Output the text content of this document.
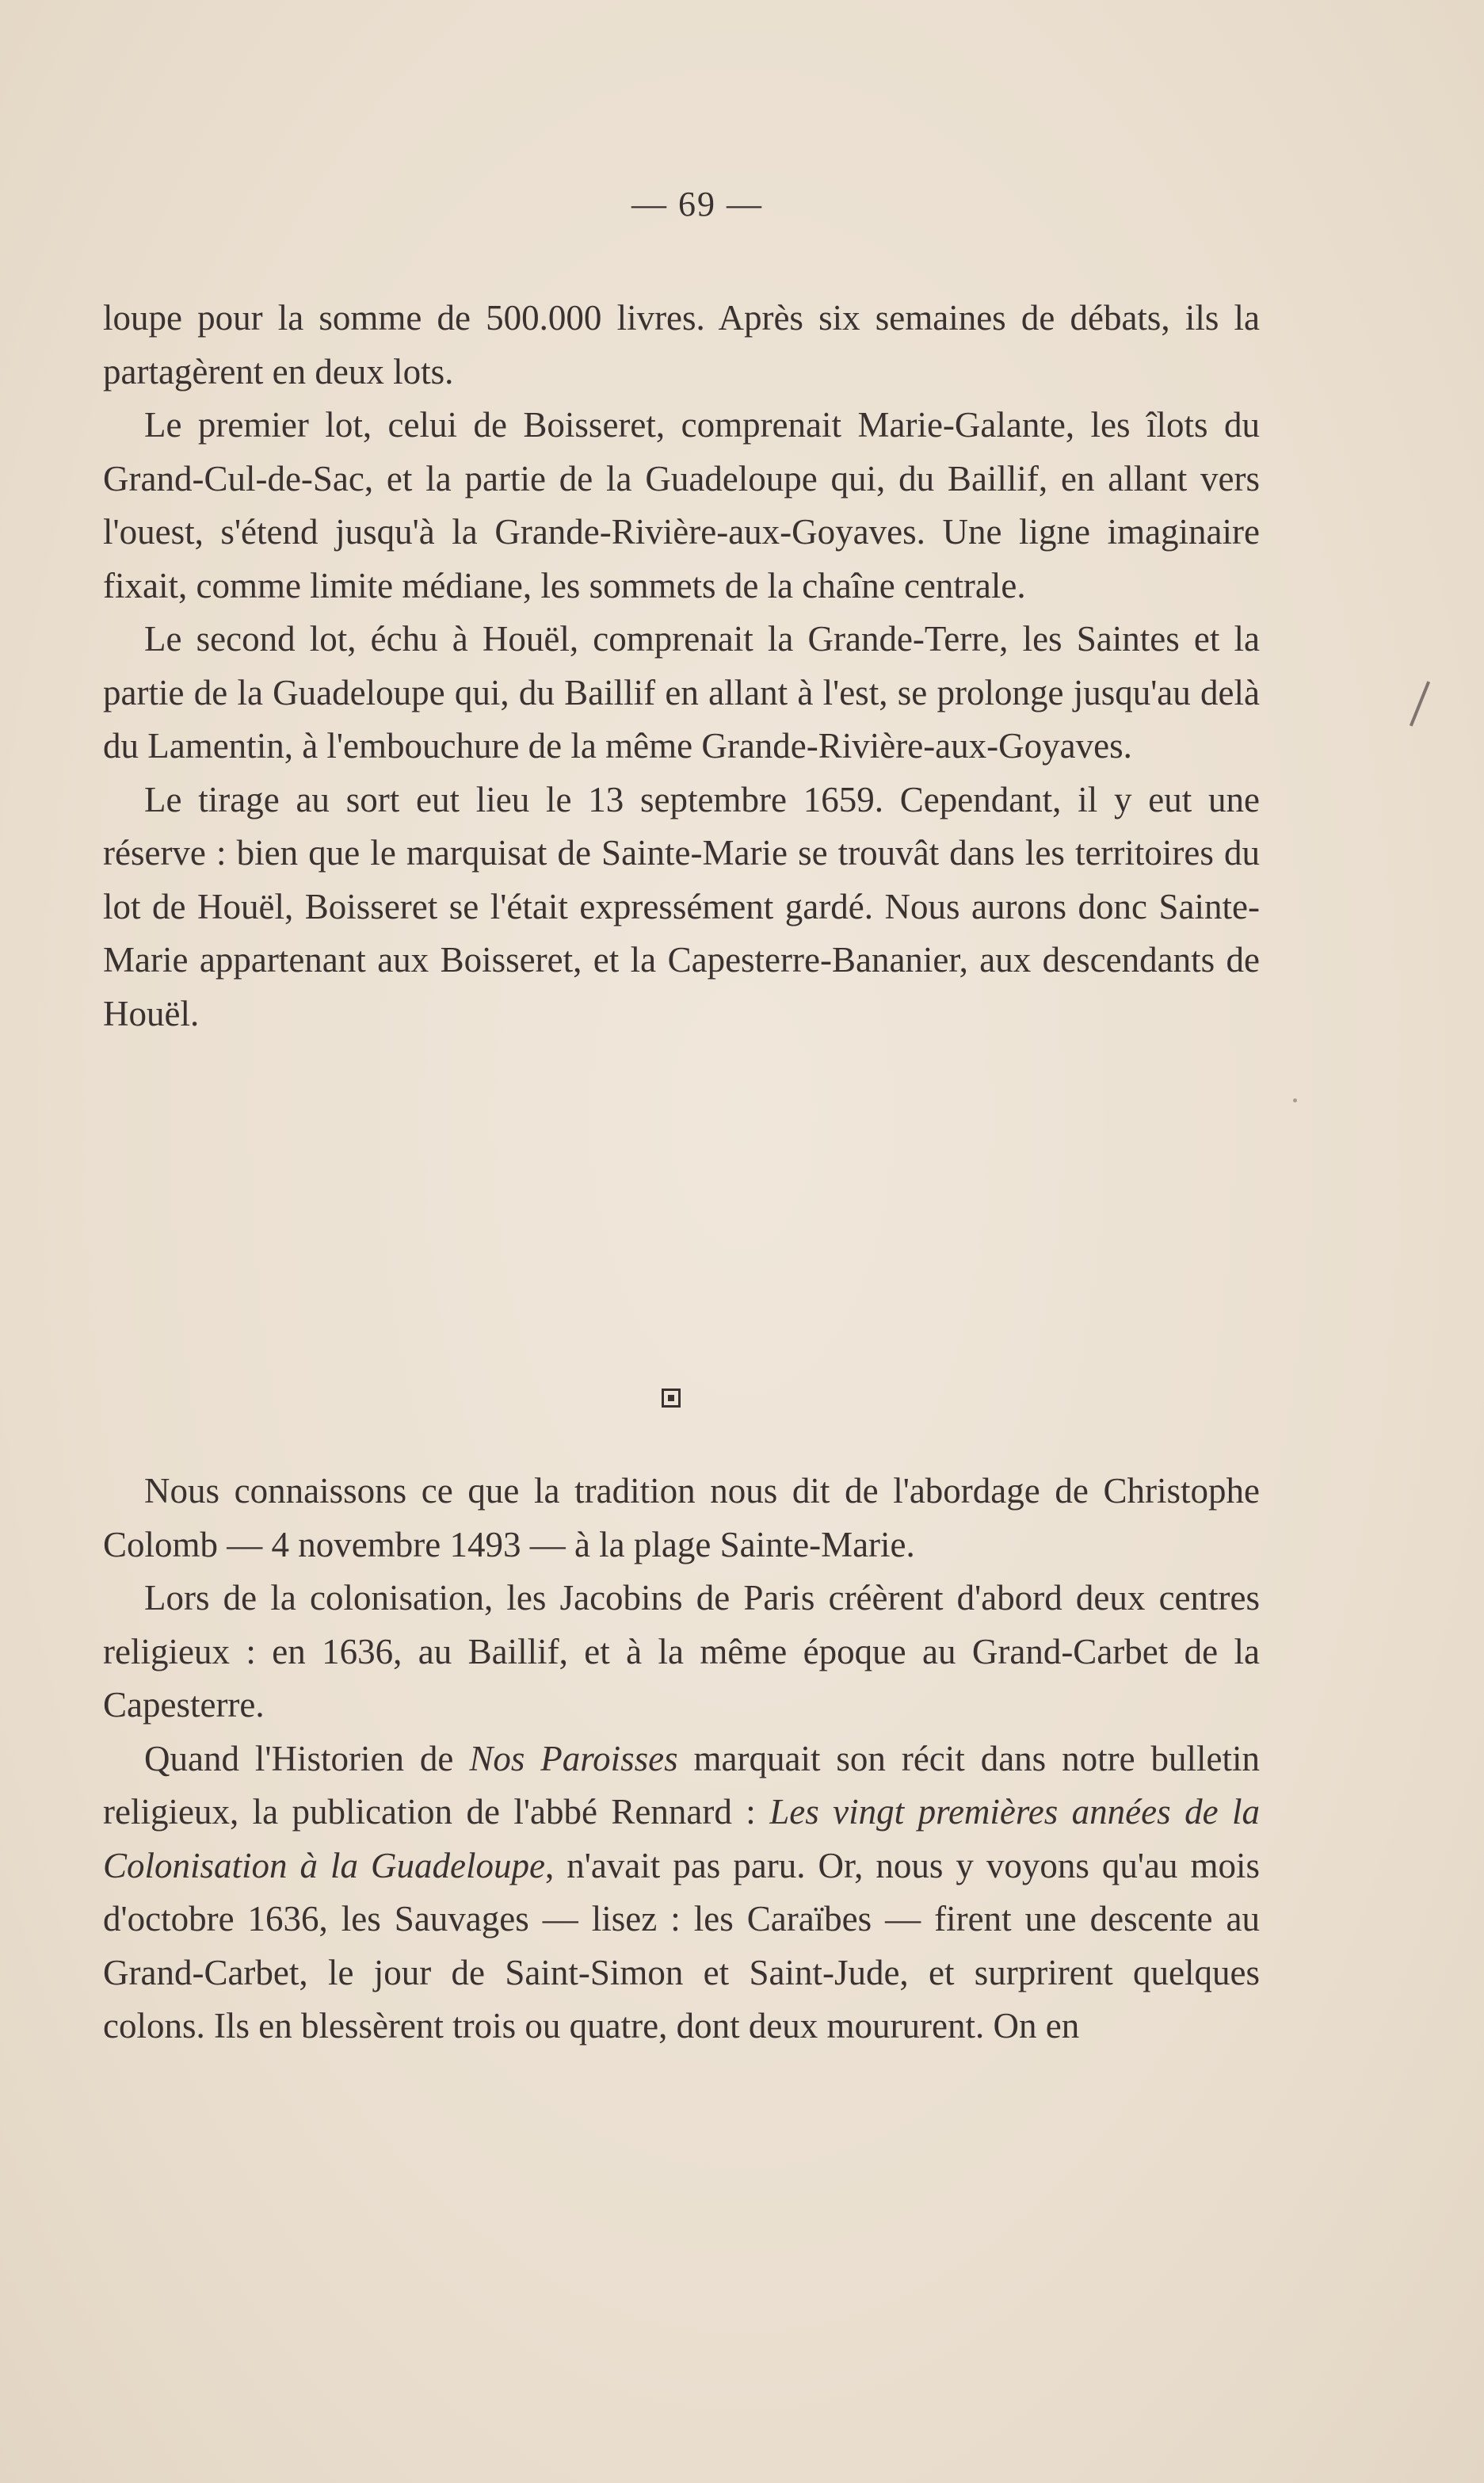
— 69 —

loupe pour la somme de 500.000 livres. Après six semaines de débats, ils la partagèrent en deux lots.

Le premier lot, celui de Boisseret, comprenait Marie-Galante, les îlots du Grand-Cul-de-Sac, et la partie de la Guadeloupe qui, du Baillif, en allant vers l'ouest, s'étend jusqu'à la Grande-Rivière-aux-Goyaves. Une ligne imaginaire fixait, comme limite médiane, les sommets de la chaîne centrale.

Le second lot, échu à Houël, comprenait la Grande-Terre, les Saintes et la partie de la Guadeloupe qui, du Baillif en allant à l'est, se prolonge jusqu'au delà du Lamentin, à l'embouchure de la même Grande-Rivière-aux-Goyaves.

Le tirage au sort eut lieu le 13 septembre 1659. Cependant, il y eut une réserve : bien que le marquisat de Sainte-Marie se trouvât dans les territoires du lot de Houël, Boisseret se l'était expressément gardé. Nous aurons donc Sainte-Marie appartenant aux Boisseret, et la Capesterre-Bananier, aux descendants de Houël.

Nous connaissons ce que la tradition nous dit de l'abordage de Christophe Colomb — 4 novembre 1493 — à la plage Sainte-Marie.

Lors de la colonisation, les Jacobins de Paris créèrent d'abord deux centres religieux : en 1636, au Baillif, et à la même époque au Grand-Carbet de la Capesterre.

Quand l'Historien de Nos Paroisses marquait son récit dans notre bulletin religieux, la publication de l'abbé Rennard : Les vingt premières années de la Colonisation à la Guadeloupe, n'avait pas paru. Or, nous y voyons qu'au mois d'octobre 1636, les Sauvages — lisez : les Caraïbes — firent une descente au Grand-Carbet, le jour de Saint-Simon et Saint-Jude, et surprirent quelques colons. Ils en blessèrent trois ou quatre, dont deux moururent. On en
